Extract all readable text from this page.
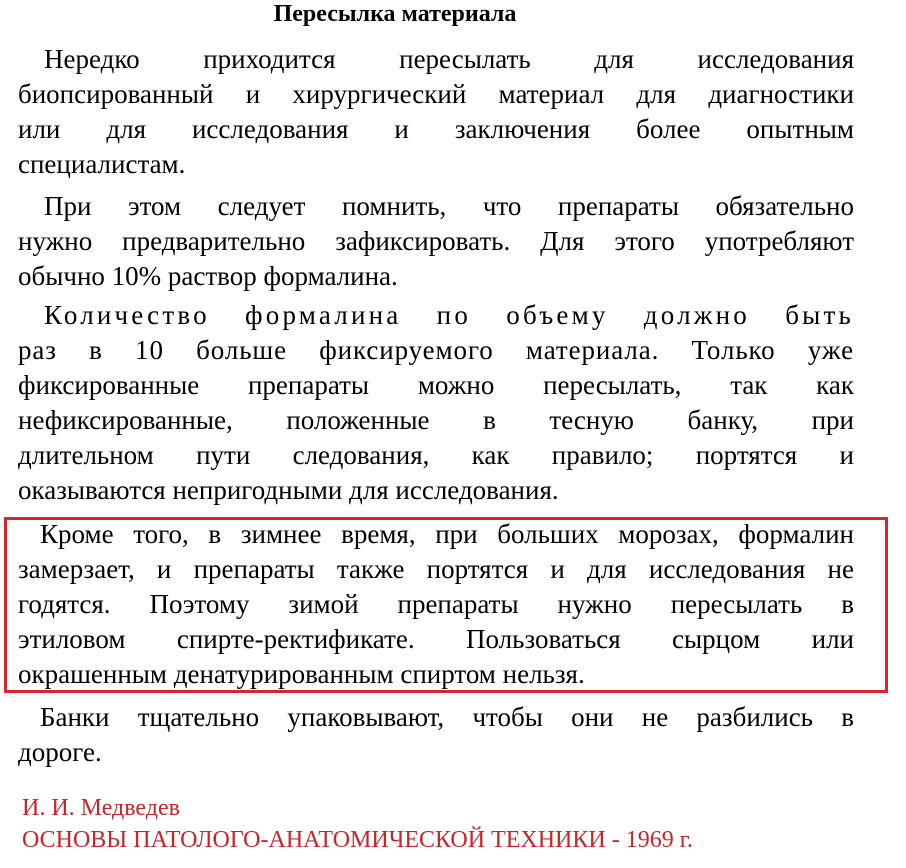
Пересылка материала
Нередко приходится пересылать для исследования
биопсированный и хирургический материал для диагностики
или для исследования и заключения более опытным
специалистам.
При этом следует помнить, что препараты обязательно
нужно предварительно зафиксировать. Для этого употребляют
обычно 10% раствор формалина.
Количество формалина по объему должно быть
раз в 10 больше фиксируемого материала. Только уже
фиксированные препараты можно пересылать, так как
нефиксированные, положенные в тесную банку, при
длительном пути следования, как правило; портятся и
оказываются непригодными для исследования.
Кроме того, в зимнее время, при больших морозах, формалин
замерзает, и препараты также портятся и для исследования не
годятся. Поэтому зимой препараты нужно пересылать в
этиловом спирте-ректификате. Пользоваться сырцом или
окрашенным денатурированным спиртом нельзя.
Банки тщательно упаковывают, чтобы они не разбились в
дороге.
И. И. Медведев
ОСНОВЫ ПАТОЛОГО-АНАТОМИЧЕСКОЙ ТЕХНИКИ - 1969 г.
